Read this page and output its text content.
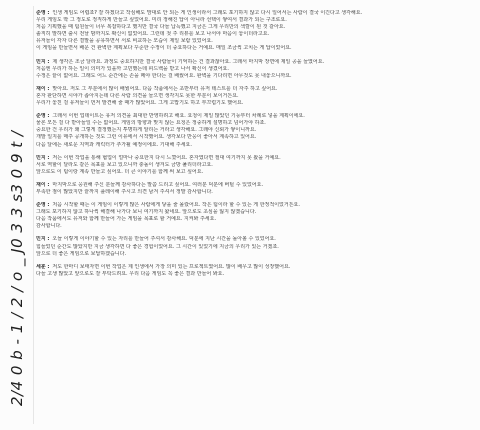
2/4 0 b - 1 / 2 / o _ J0 3 3 s3 0 9 t /
준영 : 인생 게임도 어렵죠? 잘 하겠다고 작심해도 맘대로 안 되는 게 인생이라서 그래도 포기하지 않고 다시 일어서는 사람이 결국 이긴다고 생각해요.
우리 게임도 딱 그 정도로 정직하게 만들고 싶었어요. 미리 정해진 답이 아니라 선택이 쌓여서 결과가 되는 구조로요.
처음 기획했을 때 팀원들이 너무 복잡하다고 했지만 결국 다들 납득했고 지금은 그게 우리만의 색깔이 된 것 같아요.
솔직히 말하면 출시 전날 밤까지도 확신이 없었어요. 그런데 첫 주 리뷰를 보고 나서야 마음이 놓이더라고요.
유저들이 각자 다른 결말을 공유하면서 서로 비교하는 모습이 제일 보람 있었어요.
이 게임을 만들면서 배운 건 완벽한 계획보다 꾸준한 수정이 더 중요하다는 거예요. 매일 조금씩 고치는 게 답이었어요.
민지 : 제 생각은 조금 달라요. 과정도 중요하지만 결국 사람들이 기억하는 건 결과잖아요. 그래서 마지막 장면에 제일 공을 들였어요.
처음엔 우리가 하는 일이 의미가 있을까 고민했는데 피드백을 받고 나서 확신이 생겼어요.
수정은 끝이 없어요. 그래도 어느 순간에는 손을 떼야 한다는 걸 배웠어요. 완벽을 기다리면 아무것도 못 내놓으니까요.
재이 : 맞아요. 저도 그 부분에서 많이 배웠어요. 다음 작품에서는 초반부터 유저 테스트를 더 자주 하고 싶어요.
혼자 판단하면 시야가 좁아지는데 다른 사람 의견을 들으면 생각지도 못한 부분이 보이거든요.
우리가 놓친 걸 유저들이 먼저 발견해 줄 때가 많았어요. 그게 고맙기도 하고 부끄럽기도 했어요.
준영 : 그래서 이번 업데이트는 유저 의견을 최대한 반영하려고 해요. 요청이 제일 많았던 기능부터 차례로 넣을 계획이에요.
물론 모든 걸 다 받아들일 수는 없어요. 게임의 방향과 맞지 않는 요청은 정중하게 설명하고 넘어가야 하죠.
중요한 건 우리가 왜 그렇게 결정했는지 투명하게 알리는 거라고 생각해요. 그래야 신뢰가 쌓이니까요.
개발 일지를 매주 공개하는 것도 그런 이유에서 시작했어요. 생각보다 반응이 좋아서 계속하고 있어요.
다음 달에는 새로운 지역과 캐릭터가 추가될 예정이에요. 기대해 주세요.
민지 : 저는 이번 작업을 통해 협업이 얼마나 중요한지 다시 느꼈어요. 혼자였다면 절대 여기까지 못 왔을 거예요.
서로 역할이 달라도 같은 목표를 보고 있으니까 충돌이 생겨도 금방 풀리더라고요.
앞으로도 이 팀이랑 계속 만들고 싶어요. 더 큰 이야기를 함께 써 보고 싶어요.
재이 : 마지막으로 응원해 주신 분들께 감사하다는 말씀 드리고 싶어요. 여러분 덕분에 버틸 수 있었어요.
부족한 점이 많았지만 끝까지 플레이해 주시고 의견 남겨 주셔서 정말 감사합니다.
준영 : 처음 시작할 때는 이 게임이 이렇게 많은 사람에게 닿을 줄 몰랐어요. 작은 팀이라 할 수 있는 게 한정적이었거든요.
그래도 포기하지 않고 하나씩 해결해 나가다 보니 여기까지 왔네요. 앞으로도 초심을 잃지 않겠습니다.
다음 작품에서도 유저와 함께 만들어 가는 게임을 목표로 할 거예요. 지켜봐 주세요.
감사합니다.
민지 : 오늘 이렇게 이야기할 수 있는 자리를 만들어 주셔서 감사해요. 덕분에 지난 시간을 돌아볼 수 있었어요.
힘들었던 순간도 많았지만 지금 생각하면 다 좋은 경험이었어요. 그 시간이 있었기에 지금의 우리가 있는 거겠죠.
앞으로 더 좋은 게임으로 보답하겠습니다.
세훈 : 저도 한마디 보태자면 이번 작업은 제 인생에서 가장 의미 있는 프로젝트였어요. 많이 배우고 많이 성장했어요.
다들 고생 많았고 앞으로도 잘 부탁드려요. 우리 다음 게임도 꼭 좋은 결과 만들어 봐요.
